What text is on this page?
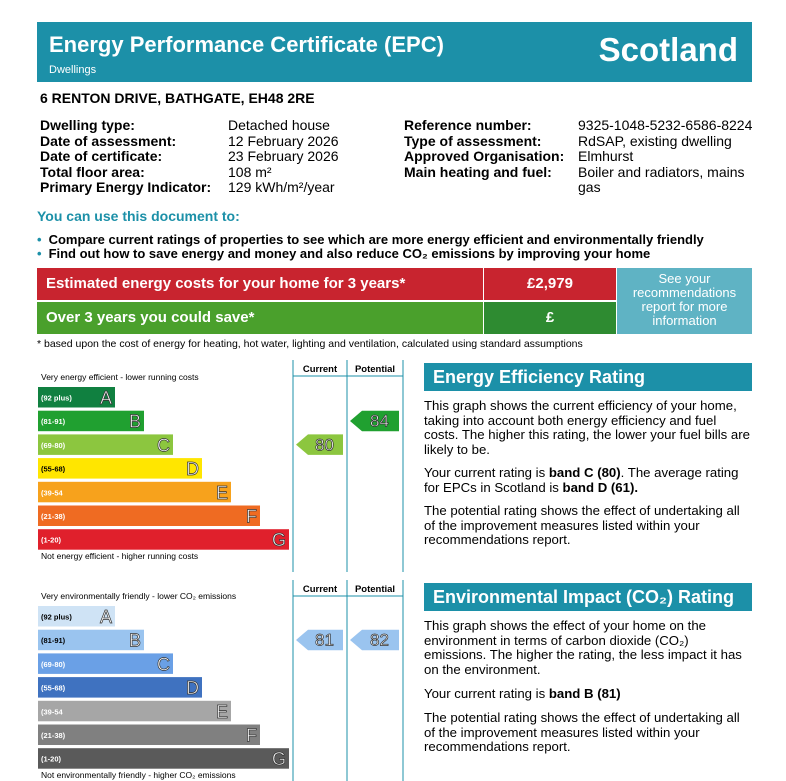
Energy Performance Certificate (EPC)
Dwellings
Scotland
6 RENTON DRIVE, BATHGATE, EH48 2RE
Dwelling type:	Detached house
Date of assessment:	12 February 2026
Date of certificate:	23 February 2026
Total floor area:	108 m²
Primary Energy Indicator: 129 kWh/m²/year
Reference number:	9325-1048-5232-6586-8224
Type of assessment:	RdSAP, existing dwelling
Approved Organisation: Elmhurst
Main heating and fuel: Boiler and radiators, mains
gas
You can use this document to:
• Compare current ratings of properties to see which are more energy efficient and environmentally friendly
• Find out how to save energy and money and also reduce CO₂ emissions by improving your home
Estimated energy costs for your home for 3 years*	£2,979
Over 3 years you could save*	£
See your
recommendations
report for more
information
* based upon the cost of energy for heating, hot water, lighting and ventilation, calculated using standard assumptions
Current Potential
Very energy efficient - lower running costs
(92 plus) A
(81-91)	B
(69-80)	C
(55-68)	D
(39-54	E
(21-38)	F
(1-20)	G
Not energy efficient - higher running costs
80
84
Current Potential
Very environmentally friendly - lower CO₂ emissions
(92 plus) A
(81-91)	B
(69-80)	C
(55-68)	D
(39-54	E
(21-38)	F
(1-20)	G
Not environmentally friendly - higher CO₂ emissions
81 82
Energy Efficiency Rating
This graph shows the current efficiency of your home, taking into account both energy efficiency and fuel costs. The higher this rating, the lower your fuel bills are likely to be.
Your current rating is band C (80). The average rating for EPCs in Scotland is band D (61).
The potential rating shows the effect of undertaking all of the improvement measures listed within your recommendations report.
Environmental Impact (CO₂) Rating
This graph shows the effect of your home on the environment in terms of carbon dioxide (CO₂) emissions. The higher the rating, the less impact it has on the environment.
Your current rating is band B (81)
The potential rating shows the effect of undertaking all of the improvement measures listed within your recommendations report.
